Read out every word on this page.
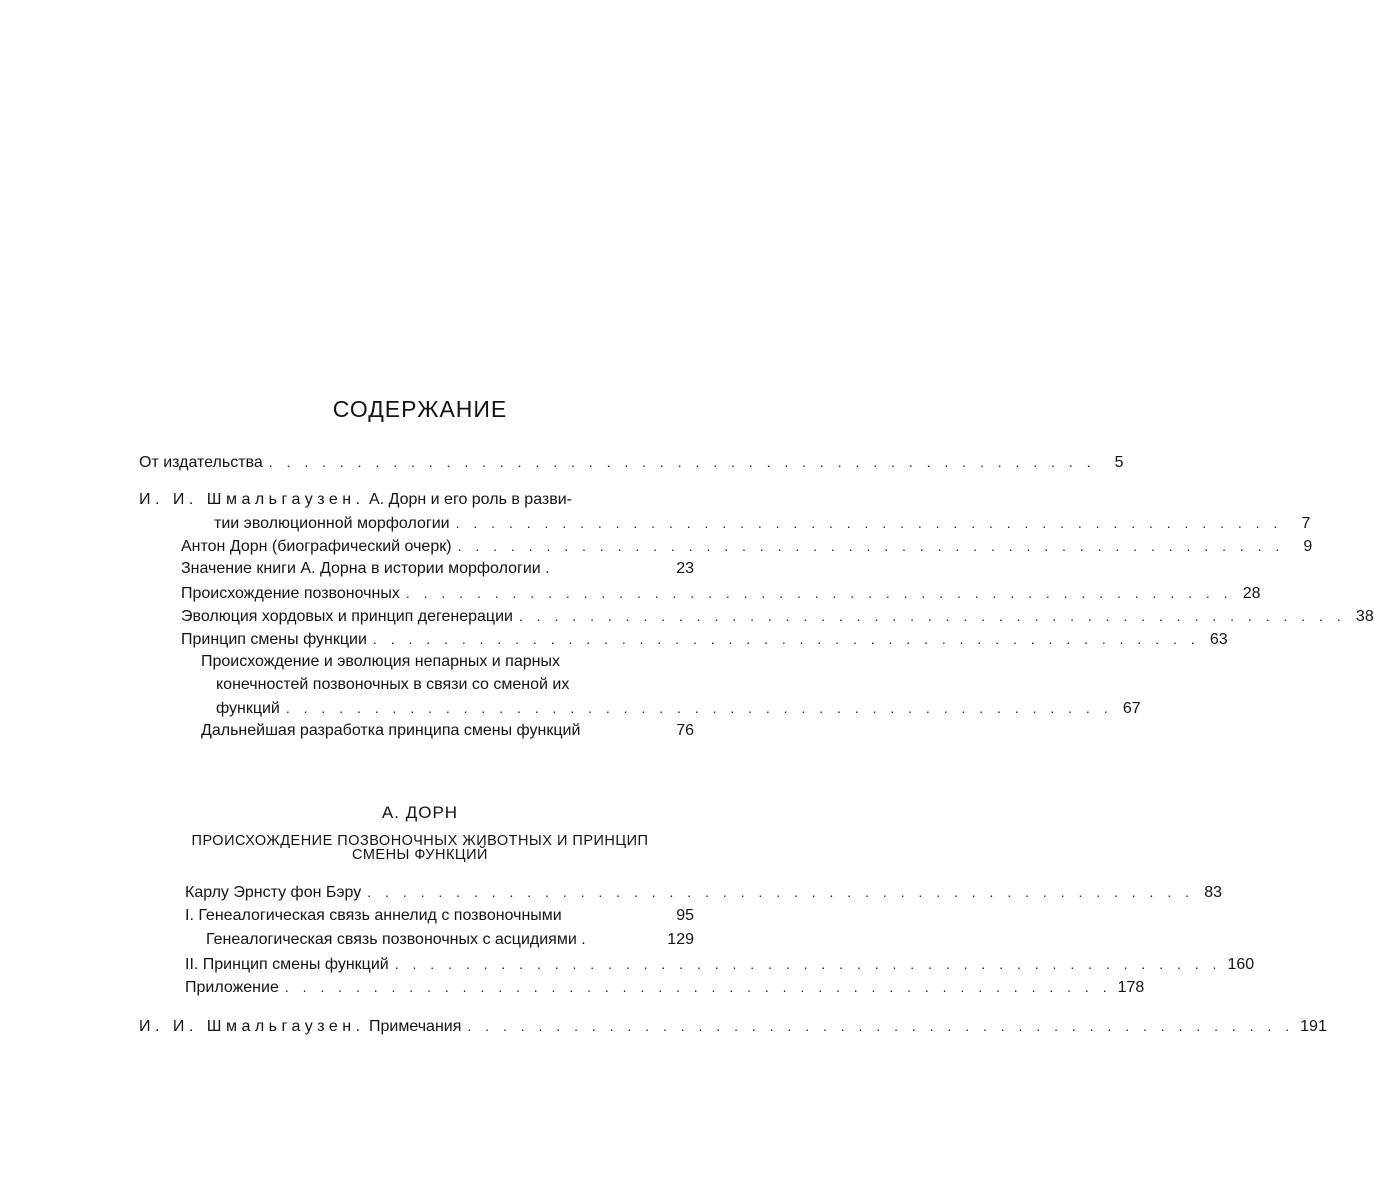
СОДЕРЖАНИЕ
От издательства . . . . . . . . . . . . . . . . . . . . . . . . . . . . . . . . . . . . . . . . . . . . . . .	5
И. И. Шмальгаузен. А. Дорн и его роль в разви-
тии эволюционной морфологии . . . . . . . . . . . . . . . . . . . . . . . . . . . . . . . . . . . . . . . . . . . . . . .	7
Антон Дорн (биографический очерк) . . . . . . . . . . . . . . . . . . . . . . . . . . . . . . . . . . . . . . . . . . . . . . .	9
Значение книги А. Дорна в истории морфологии .	23
Происхождение позвоночных . . . . . . . . . . . . . . . . . . . . . . . . . . . . . . . . . . . . . . . . . . . . . . . 28
Эволюция хордовых и принцип дегенерации . . . . . . . . . . . . . . . . . . . . . . . . . . . . . . . . . . . . . . . . . . . . . . . 38
Принцип смены функции . . . . . . . . . . . . . . . . . . . . . . . . . . . . . . . . . . . . . . . . . . . . . . . 63
Происхождение и эволюция непарных и парных
конечностей позвоночных в связи со сменой их
функций . . . . . . . . . . . . . . . . . . . . . . . . . . . . . . . . . . . . . . . . . . . . . . . 67
Дальнейшая разработка принципа смены функций	76
А. ДОРН
ПРОИСХОЖДЕНИЕ ПОЗВОНОЧНЫХ ЖИВОТНЫХ И ПРИНЦИП
СМЕНЫ ФУНКЦИЙ
Карлу Эрнсту фон Бэру . . . . . . . . . . . . . . . . . . . . . . . . . . . . . . . . . . . . . . . . . . . . . . . 83
I. Генеалогическая связь аннелид с позвоночными	95
Генеалогическая связь позвоночных с асцидиями .	129
II. Принцип смены функций . . . . . . . . . . . . . . . . . . . . . . . . . . . . . . . . . . . . . . . . . . . . . . . 160
Приложение . . . . . . . . . . . . . . . . . . . . . . . . . . . . . . . . . . . . . . . . . . . . . . . 178
И. И. Шмальгаузен. Примечания . . . . . . . . . . . . . . . . . . . . . . . . . . . . . . . . . . . . . . . . . . . . . . . 191
